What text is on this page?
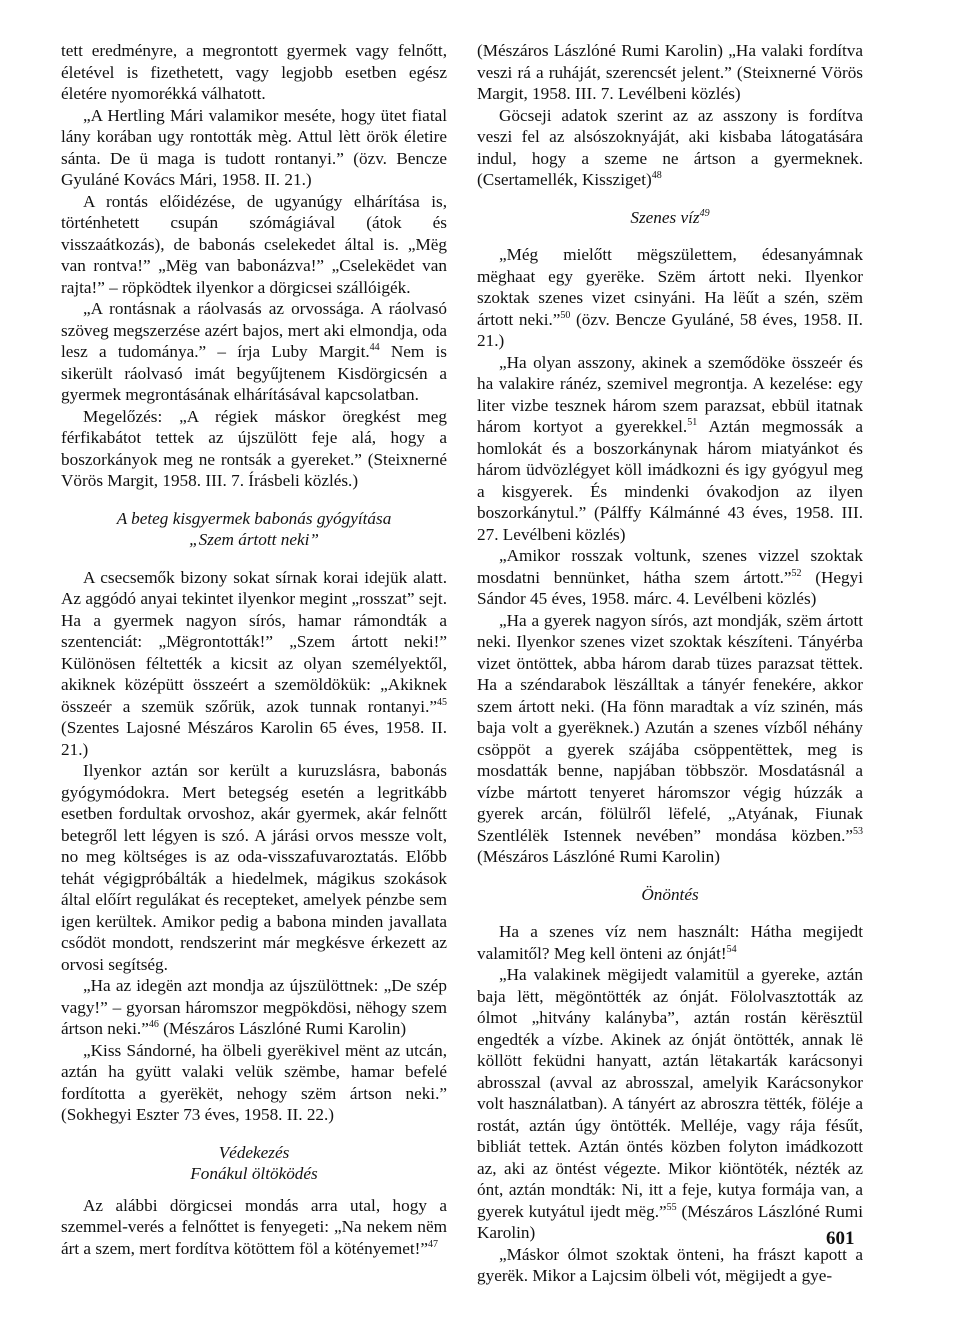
tett eredményre, a megrontott gyermek vagy felnőtt, életével is fizethetett, vagy legjobb esetben egész életére nyomorékká válhatott.

„A Hertling Mári valamikor meséte, hogy ütet fiatal lány korában ugy rontották mèg. Attul lètt örök életire sánta. De ü maga is tudott rontanyi.” (özv. Bencze Gyuláné Kovács Mári, 1958. II. 21.)

A rontás előidézése, de ugyanúgy elhárítása is, történhetett csupán szómágiával (átok és visszaátkozás), de babonás cselekedet által is. „Mëg van rontva!” „Mëg van babonázva!” „Cselekëdet van rajta!” – röpködtek ilyenkor a dörgicsei szállóigék.

„A rontásnak a ráolvasás az orvossága. A ráolvasó szöveg megszerzése azért bajos, mert aki elmondja, oda lesz a tudománya.” – írja Luby Margit.$^{44}$ Nem is sikerült ráolvasó imát begyűjtenem Kisdörgicsén a gyermek megrontásának elhárításával kapcsolatban.

Megelőzés: „A régiek máskor öregkést meg férfikabátot tettek az újszülött feje alá, hogy a boszorkányok meg ne rontsák a gyereket.” (Steixnerné Vörös Margit, 1958. III. 7. Írásbeli közlés.)

A beteg kisgyermek babonás gyógyítása

„Szem ártott neki”

A csecsemők bizony sokat sírnak korai idejük alatt. Az aggódó anyai tekintet ilyenkor megint „rosszat” sejt. Ha a gyermek nagyon sírós, hamar rámondták a szentenciát: „Mëgrontották!” „Szem ártott neki!” Különösen féltették a kicsit az olyan személyektől, akiknek középütt összeért a szemöldökük: „Akiknek összeér a szemük szőrük, azok tunnak rontanyi.”$^{45}$ (Szentes Lajosné Mészáros Karolin 65 éves, 1958. II. 21.)

Ilyenkor aztán sor került a kuruzslásra, babonás gyógymódokra. Mert betegség esetén a legritkább esetben fordultak orvoshoz, akár gyermek, akár felnőtt betegről lett légyen is szó. A járási orvos messze volt, no meg költséges is az oda-visszafuvaroztatás. Előbb tehát végigpróbálták a hiedelmek, mágikus szokások által előírt regulákat és recepteket, amelyek pénzbe sem igen kerültek. Amikor pedig a babona minden javallata csődöt mondott, rendszerint már megkésve érkezett az orvosi segítség.

„Ha az idegën azt mondja az újszülöttnek: „De szép vagy!” – gyorsan háromszor megpökdösi, nëhogy szem ártson neki.”$^{46}$ (Mészáros Lászlóné Rumi Karolin)

„Kiss Sándorné, ha ölbeli gyerëkivel mënt az utcán, aztán ha gyütt valaki velük szëmbe, hamar befelé fordította a gyerëkët, nehogy szëm ártson neki.” (Sokhegyi Eszter 73 éves, 1958. II. 22.)

Védekezés

Fonákul öltöködés

Az alábbi dörgicsei mondás arra utal, hogy a szemmel-verés a felnőttet is fenyegeti: „Na nekem nëm árt a szem, mert fordítva kötöttem föl a kötényemet!”$^{47}$

(Mészáros Lászlóné Rumi Karolin) „Ha valaki fordítva veszi rá a ruháját, szerencsét jelent.” (Steixnerné Vörös Margit, 1958. III. 7. Levélbeni közlés)

Göcseji adatok szerint az az asszony is fordítva veszi fel az alsószoknyáját, aki kisbaba látogatására indul, hogy a szeme ne ártson a gyermeknek. (Csertamellék, Kissziget)$^{48}$

Szenes víz$^{49}$

„Még mielőtt mëgszülettem, édesanyámnak mëghaat egy gyerëke. Szëm ártott neki. Ilyenkor szoktak szenes vizet csinyáni. Ha lëűt a szén, szëm ártott neki.”$^{50}$ (özv. Bencze Gyuláné, 58 éves, 1958. II. 21.)

„Ha olyan asszony, akinek a szemődöke összeér és ha valakire ránéz, szemivel megrontja. A kezelése: egy liter vizbe tesznek három szem parazsat, ebbül itatnak három kortyot a gyerekkel.$^{51}$ Aztán megmossák a homlokát és a boszorkánynak három miatyánkot és három üdvözlégyet köll imádkozni és igy gyógyul meg a kisgyerek. És mindenki óvakodjon az ilyen boszorkánytul.” (Pálffy Kálmánné 43 éves, 1958. III. 27. Levélbeni közlés)

„Amikor rosszak voltunk, szenes vizzel szoktak mosdatni bennünket, hátha szem ártott.”$^{52}$ (Hegyi Sándor 45 éves, 1958. márc. 4. Levélbeni közlés)

„Ha a gyerek nagyon sírós, azt mondják, szëm ártott neki. Ilyenkor szenes vizet szoktak készíteni. Tányérba vizet öntöttek, abba három darab tüzes parazsat tëttek. Ha a széndarabok lëszálltak a tányér fenekére, akkor szem ártott neki. (Ha fönn maradtak a víz szinén, más baja volt a gyerëknek.) Azután a szenes vízből néhány csöppöt a gyerek szájába csöppentëttek, meg is mosdatták benne, napjában többször. Mosdatásnál a vízbe mártott tenyeret háromszor végig húzzák a gyerek arcán, fölülről lëfelé, „Atyának, Fiunak Szentlélëk Istennek nevében” mondása közben.”$^{53}$ (Mészáros Lászlóné Rumi Karolin)

Önöntés

Ha a szenes víz nem használt: Hátha megijedt valamitől? Meg kell önteni az ónját!$^{54}$

„Ha valakinek mëgijedt valamitül a gyereke, aztán baja lëtt, mëgöntötték az ónját. Fölolvasztották az ólmot „hitvány kalányba”, aztán rostán kërësztül engedték a vízbe. Akinek az ónját öntötték, annak lë köllött feküdni hanyatt, aztán lëtakarták karácsonyi abrosszal (avval az abrosszal, amelyik Karácsonykor volt használatban). A tányért az abroszra tëtték, föléje a rostát, aztán úgy öntötték. Melléje, vagy rája fésűt, bibliát tettek. Aztán öntés közben folyton imádkozott az, aki az öntést végezte. Mikor kiöntöték, nézték az ónt, aztán mondták: Ni, itt a feje, kutya formája van, a gyerek kutyátul ijedt mëg.”$^{55}$ (Mészáros Lászlóné Rumi Karolin)

„Máskor ólmot szoktak önteni, ha frászt kapott a gyerëk. Mikor a Lajcsim ölbeli vót, mëgijedt a gye-

601
